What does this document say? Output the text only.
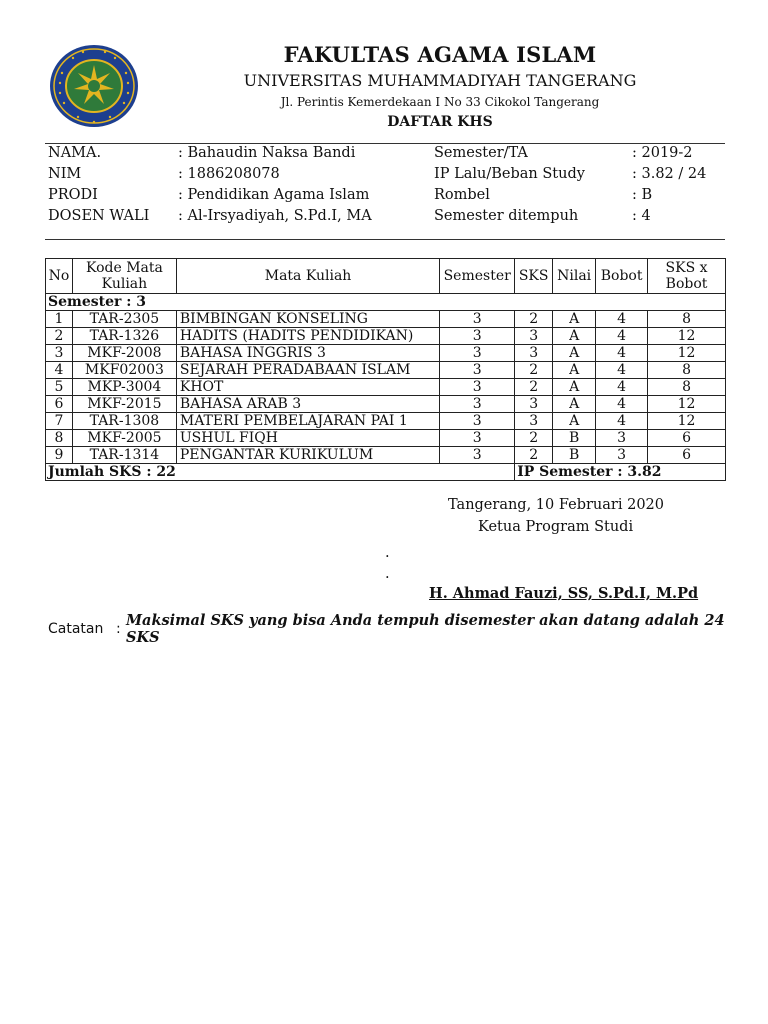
FAKULTAS AGAMA ISLAM
UNIVERSITAS MUHAMMADIYAH TANGERANG
Jl. Perintis Kemerdekaan I No 33 Cikokol Tangerang
DAFTAR KHS
NAMA.	: Bahaudin Naksa Bandi	Semester/TA	: 2019-2
NIM	: 1886208078	IP Lalu/Beban Study	: 3.82 / 24
PRODI	: Pendidikan Agama Islam	Rombel	: B
DOSEN WALI : Al-Irsyadiyah, S.Pd.I, MA	Semester ditempuh	: 4
No	Kode Mata Kuliah	Mata Kuliah	Semester	SKS	Nilai	Bobot	SKS x Bobot
Semester : 3							
1	TAR-2305	BIMBINGAN KONSELING	3	2	A	4	8
2	TAR-1326	HADITS (HADITS PENDIDIKAN)	3	3	A	4	12
3	MKF-2008	BAHASA INGGRIS 3	3	3	A	4	12
4	MKF02003	SEJARAH PERADABAAN ISLAM	3	2	A	4	8
5	MKP-3004	KHOT	3	2	A	4	8
6	MKF-2015	BAHASA ARAB 3	3	3	A	4	12
7	TAR-1308	MATERI PEMBELAJARAN PAI 1	3	3	A	4	12
8	MKF-2005	USHUL FIQH	3	2	B	3	6
9	TAR-1314	PENGANTAR KURIKULUM	3	2	B	3	6
Jumlah SKS : 22				IP Semester : 3.82			
Tangerang, 10 Februari 2020
Ketua Program Studi
.
.
H. Ahmad Fauzi, SS, S.Pd.I, M.Pd
Catatan : Maksimal SKS yang bisa Anda tempuh disemester akan datang adalah 24 SKS
